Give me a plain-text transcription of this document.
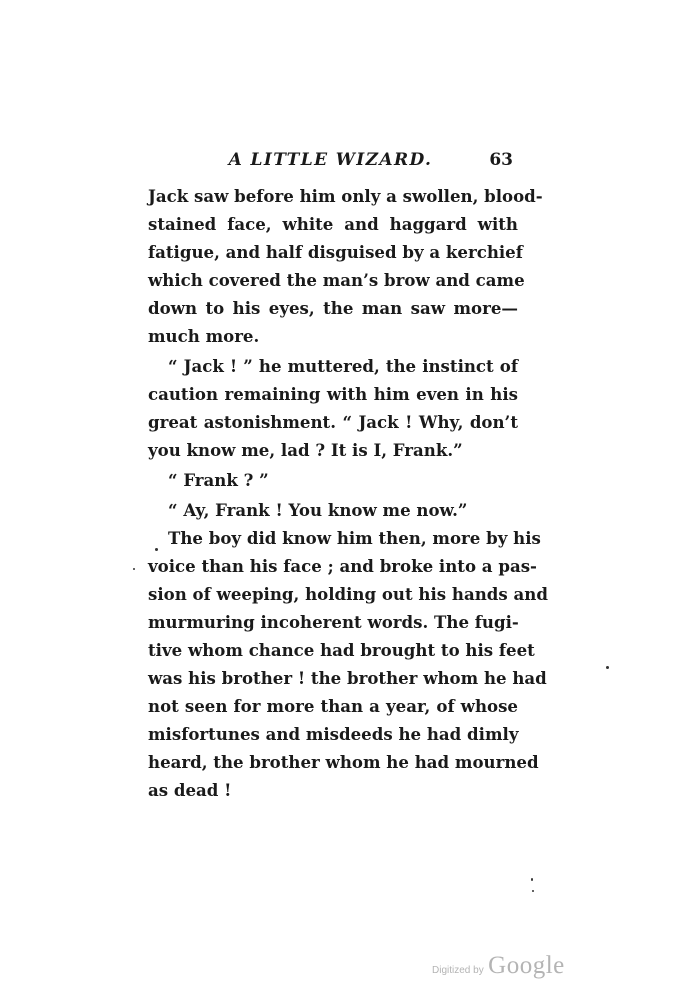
A LITTLE WIZARD.	63
Jack saw before him only a swollen, blood-
stained face, white and haggard with
fatigue, and half disguised by a kerchief
which covered the man’s brow and came
down to his eyes, the man saw more—
much more.
“ Jack ! ” he muttered, the instinct of
caution remaining with him even in his
great astonishment. “ Jack ! Why, don’t
you know me, lad ? It is I, Frank.”
“ Frank ? ”
“ Ay, Frank ! You know me now.”
The boy did know him then, more by his
voice than his face ; and broke into a pas-
sion of weeping, holding out his hands and
murmuring incoherent words. The fugi-
tive whom chance had brought to his feet
was his brother ! the brother whom he had
not seen for more than a year, of whose
misfortunes and misdeeds he had dimly
heard, the brother whom he had mourned
as dead !
Digitized by Google
